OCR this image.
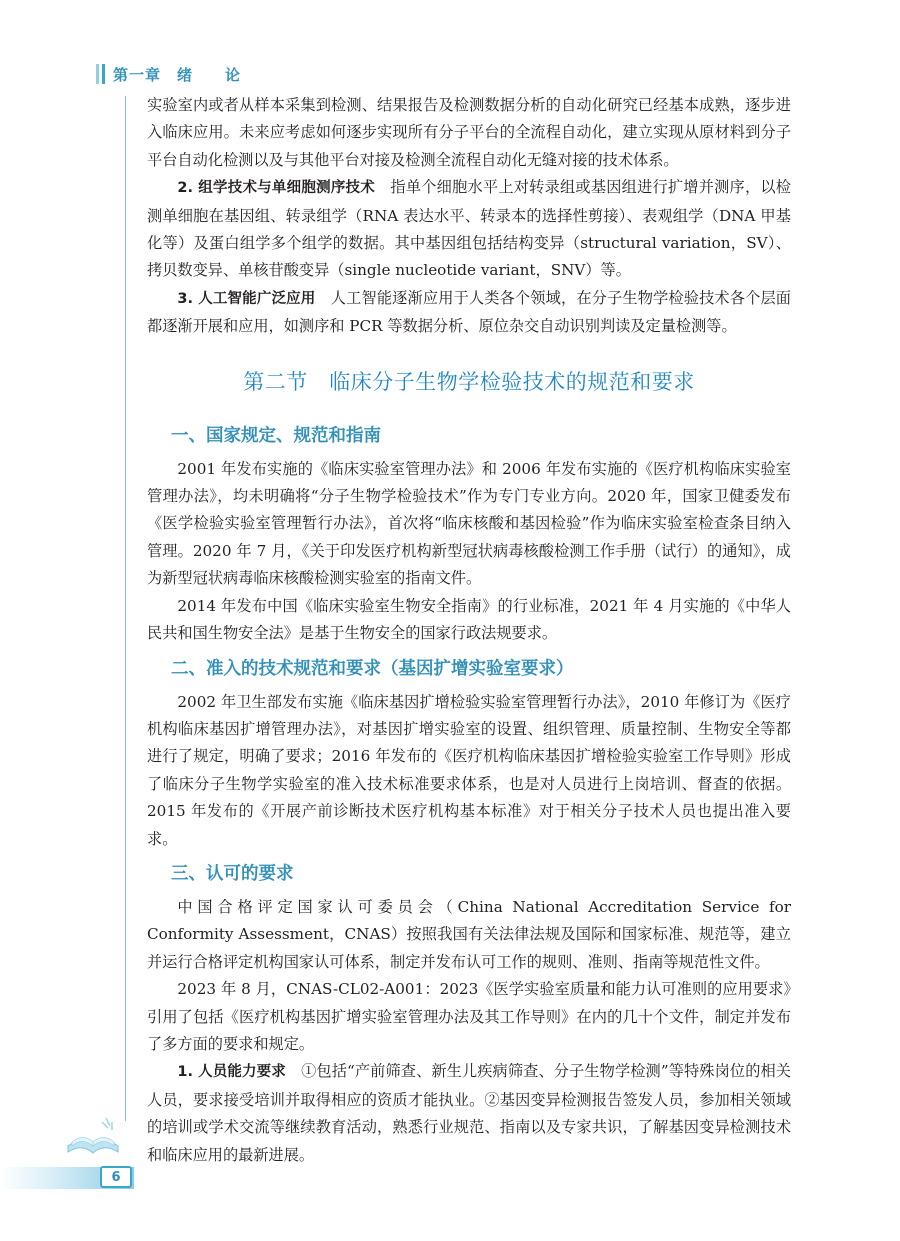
第一章　绪　　论

实验室内或者从样本采集到检测、结果报告及检测数据分析的自动化研究已经基本成熟，逐步进入临床应用。未来应考虑如何逐步实现所有分子平台的全流程自动化，建立实现从原材料到分子平台自动化检测以及与其他平台对接及检测全流程自动化无缝对接的技术体系。

2. 组学技术与单细胞测序技术　指单个细胞水平上对转录组或基因组进行扩增并测序，以检测单细胞在基因组、转录组学（RNA 表达水平、转录本的选择性剪接）、表观组学（DNA 甲基化等）及蛋白组学多个组学的数据。其中基因组包括结构变异（structural variation，SV）、拷贝数变异、单核苷酸变异（single nucleotide variant，SNV）等。

3. 人工智能广泛应用　人工智能逐渐应用于人类各个领域，在分子生物学检验技术各个层面都逐渐开展和应用，如测序和 PCR 等数据分析、原位杂交自动识别判读及定量检测等。

第二节　临床分子生物学检验技术的规范和要求
一、国家规定、规范和指南

2001 年发布实施的《临床实验室管理办法》和 2006 年发布实施的《医疗机构临床实验室管理办法》，均未明确将“分子生物学检验技术”作为专门专业方向。2020 年，国家卫健委发布《医学检验实验室管理暂行办法》，首次将“临床核酸和基因检验”作为临床实验室检查条目纳入管理。2020 年 7 月，《关于印发医疗机构新型冠状病毒核酸检测工作手册（试行）的通知》，成为新型冠状病毒临床核酸检测实验室的指南文件。

2014 年发布中国《临床实验室生物安全指南》的行业标准，2021 年 4 月实施的《中华人民共和国生物安全法》是基于生物安全的国家行政法规要求。

二、准入的技术规范和要求（基因扩增实验室要求）

2002 年卫生部发布实施《临床基因扩增检验实验室管理暂行办法》，2010 年修订为《医疗机构临床基因扩增管理办法》，对基因扩增实验室的设置、组织管理、质量控制、生物安全等都进行了规定，明确了要求；2016 年发布的《医疗机构临床基因扩增检验实验室工作导则》形成了临床分子生物学实验室的准入技术标准要求体系，也是对人员进行上岗培训、督查的依据。2015 年发布的《开展产前诊断技术医疗机构基本标准》对于相关分子技术人员也提出准入要求。

三、认可的要求

中国合格评定国家认可委员会（China National Accreditation Service for Conformity Assessment，CNAS）按照我国有关法律法规及国际和国家标准、规范等，建立并运行合格评定机构国家认可体系，制定并发布认可工作的规则、准则、指南等规范性文件。

2023 年 8 月，CNAS-CL02-A001：2023《医学实验室质量和能力认可准则的应用要求》引用了包括《医疗机构基因扩增实验室管理办法及其工作导则》在内的几十个文件，制定并发布了多方面的要求和规定。

1. 人员能力要求　①包括“产前筛查、新生儿疾病筛查、分子生物学检测”等特殊岗位的相关人员，要求接受培训并取得相应的资质才能执业。②基因变异检测报告签发人员，参加相关领域的培训或学术交流等继续教育活动，熟悉行业规范、指南以及专家共识，了解基因变异检测技术和临床应用的最新进展。

6
